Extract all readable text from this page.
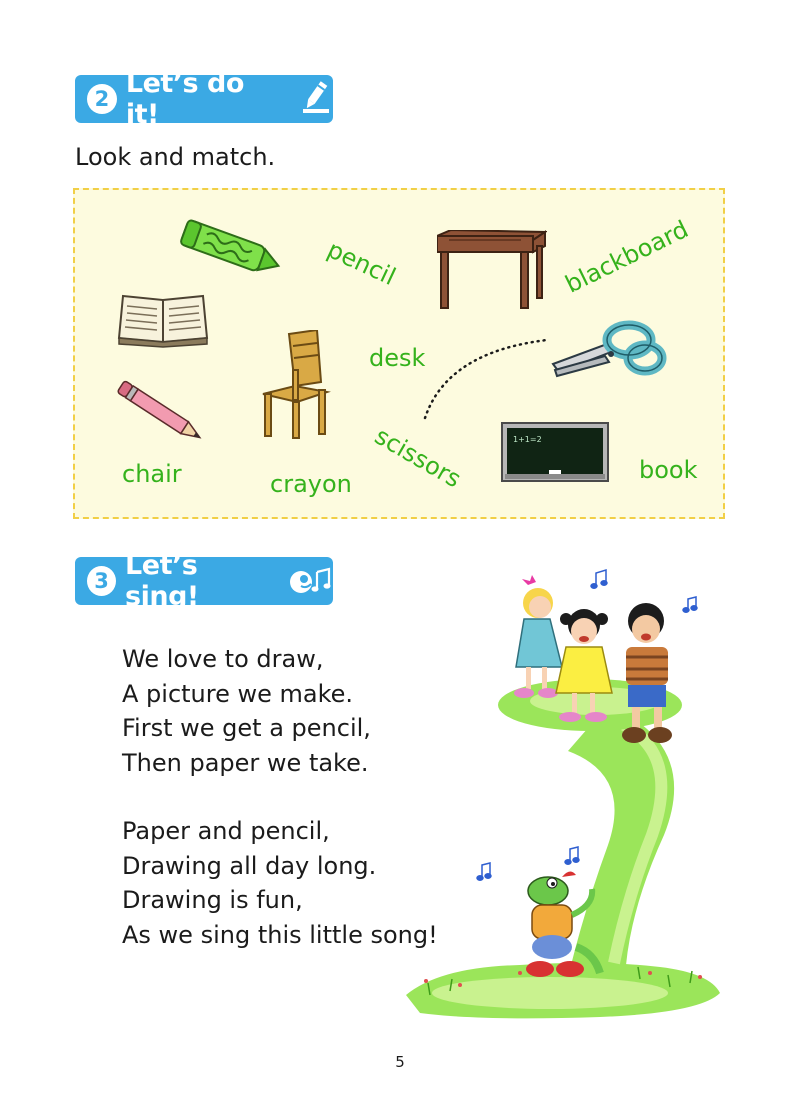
2 Let’s do it!
Look and match.
1+1=2
pencil	blackboard
desk
scissors
chair	crayon	book
3 Let’s sing!
We love to draw,
A picture we make.
First we get a pencil,
Then paper we take.
Paper and pencil,
Drawing all day long.
Drawing is fun,
As we sing this little song!
5
